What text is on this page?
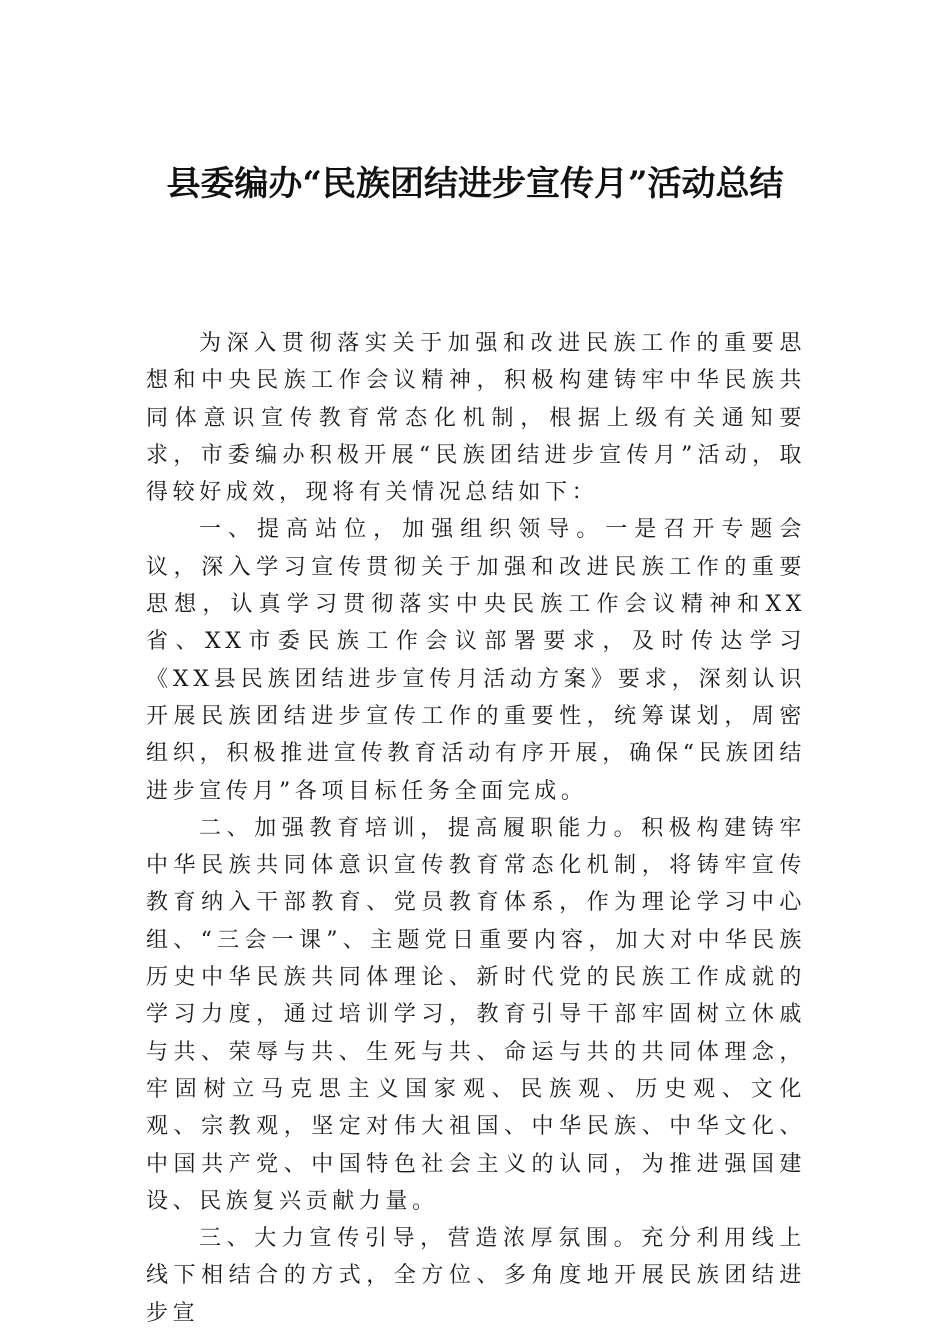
县委编办“民族团结进步宣传月”活动总结

为深入贯彻落实关于加强和改进民族工作的重要思想和中央民族工作会议精神，积极构建铸牢中华民族共同体意识宣传教育常态化机制，根据上级有关通知要求，市委编办积极开展“民族团结进步宣传月”活动，取得较好成效，现将有关情况总结如下：

一、提高站位，加强组织领导。一是召开专题会议，深入学习宣传贯彻关于加强和改进民族工作的重要思想，认真学习贯彻落实中央民族工作会议精神和XX省、XX市委民族工作会议部署要求，及时传达学习《XX县民族团结进步宣传月活动方案》要求，深刻认识开展民族团结进步宣传工作的重要性，统筹谋划，周密组织，积极推进宣传教育活动有序开展，确保“民族团结进步宣传月”各项目标任务全面完成。

二、加强教育培训，提高履职能力。积极构建铸牢中华民族共同体意识宣传教育常态化机制，将铸牢宣传教育纳入干部教育、党员教育体系，作为理论学习中心组、“三会一课”、主题党日重要内容，加大对中华民族历史中华民族共同体理论、新时代党的民族工作成就的学习力度，通过培训学习，教育引导干部牢固树立休戚与共、荣辱与共、生死与共、命运与共的共同体理念，牢固树立马克思主义国家观、民族观、历史观、文化观、宗教观，坚定对伟大祖国、中华民族、中华文化、中国共产党、中国特色社会主义的认同，为推进强国建设、民族复兴贡献力量。

三、大力宣传引导，营造浓厚氛围。充分利用线上线下相结合的方式，全方位、多角度地开展民族团结进步宣
